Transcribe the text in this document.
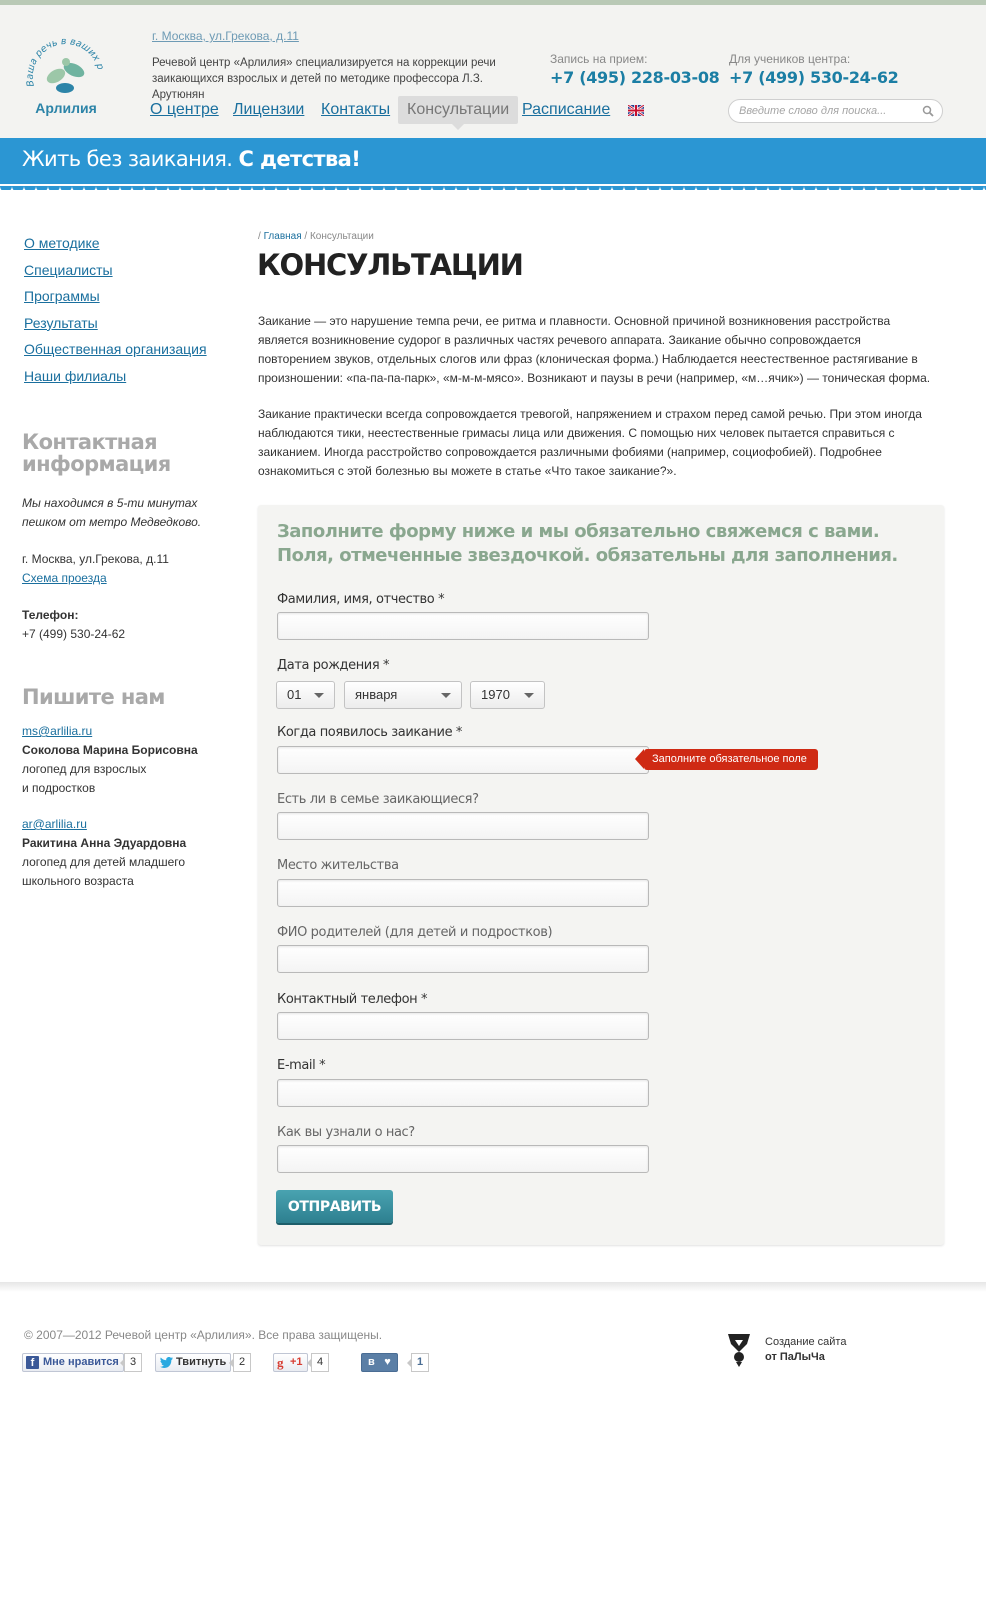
Ваша речь в ваших р
Арлилия
г. Москва, ул.Грекова, д.11
Речевой центр «Арлилия» специализируется на коррекции речи заикающихся взрослых и детей по методике профессора Л.З. Арутюнян
Запись на прием:
+7 (495) 228-03-08
Для учеников центра:
+7 (499) 530-24-62
О центре Лицензии Контакты	Консультации Расписание
Введите слово для поиска...
Жить без заикания. С детства!
О методике
Специалисты
Программы
Результаты
Общественная организация
Наши филиалы
Контактная информация
Мы находимся в 5-ти минутах пешком от метро Медведково.
г. Москва, ул.Грекова, д.11
Схема проезда
Телефон:
+7 (499) 530-24-62
Пишите нам
ms@arlilia.ru
Соколова Марина Борисовна
логопед для взрослых
и подростков
ar@arlilia.ru
Ракитина Анна Эдуардовна
логопед для детей младшего
школьного возраста
/ Главная / Консультации
КОНСУЛЬТАЦИИ
Заикание — это нарушение темпа речи, ее ритма и плавности. Основной причиной возникновения расстройства
является возникновение судорог в различных частях речевого аппарата. Заикание обычно сопровождается
повторением звуков, отдельных слогов или фраз (клоническая форма.) Наблюдается неестественное растягивание в
произношении: «па-па-па-парк», «м-м-м-мясо». Возникают и паузы в речи (например, «м…ячик») — тоническая форма.
Заикание практически всегда сопровождается тревогой, напряжением и страхом перед самой речью. При этом иногда
наблюдаются тики, неестественные гримасы лица или движения. С помощью них человек пытается справиться с
заиканием. Иногда расстройство сопровождается различными фобиями (например, социофобией). Подробнее
ознакомиться с этой болезнью вы можете в статье «Что такое заикание?».
Заполните форму ниже и мы обязательно свяжемся с вами.
Поля, отмеченные звездочкой. обязательны для заполнения.
Фамилия, имя, отчество *
Дата рождения *
01	января	1970
Когда появилось заикание *
Заполните обязательное поле
Есть ли в семье заикающиеся?
Место жительства
ФИО родителей (для детей и подростков)
Контактный телефон *
E-mail *
Как вы узнали о нас?
ОТПРАВИТЬ
© 2007—2012 Речевой центр «Арлилия». Все права защищены.
f Мне нравится	3	Твитнуть	2	g +1	4	в ♥	1
Создание сайта
от ПаЛыЧа
